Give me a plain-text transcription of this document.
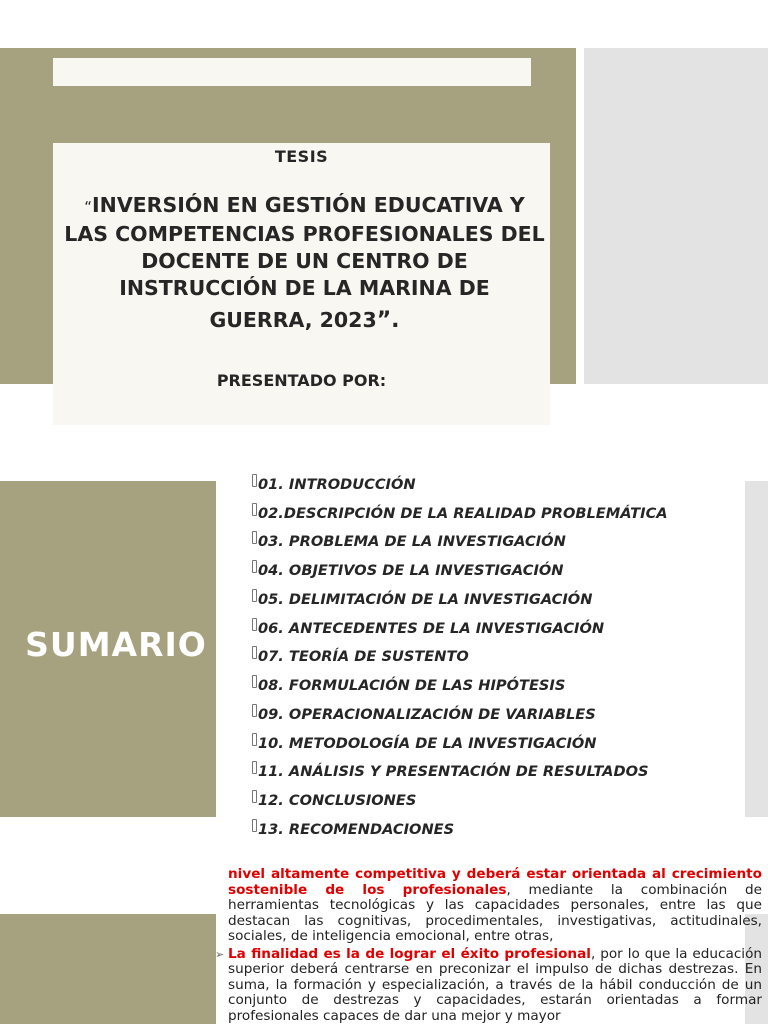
TESIS
“INVERSIÓN EN GESTIÓN EDUCATIVA Y LAS COMPETENCIAS PROFESIONALES DEL DOCENTE DE UN CENTRO DE INSTRUCCIÓN DE LA MARINA DE
GUERRA, 2023”.
PRESENTADO POR:
SUMARIO
01. INTRODUCCIÓN
02.DESCRIPCIÓN DE LA REALIDAD PROBLEMÁTICA
03. PROBLEMA DE LA INVESTIGACIÓN
04. OBJETIVOS DE LA INVESTIGACIÓN
05. DELIMITACIÓN DE LA INVESTIGACIÓN
06. ANTECEDENTES DE LA INVESTIGACIÓN
07. TEORÍA DE SUSTENTO
08. FORMULACIÓN DE LAS HIPÓTESIS
09. OPERACIONALIZACIÓN DE VARIABLES
10. METODOLOGÍA DE LA INVESTIGACIÓN
11. ANÁLISIS Y PRESENTACIÓN DE RESULTADOS
12. CONCLUSIONES
13. RECOMENDACIONES

nivel altamente competitiva y deberá estar orientada al crecimiento sostenible de los profesionales, mediante la combinación de herramientas tecnológicas y las capacidades personales, entre las que destacan las cognitivas, procedimentales, investigativas, actitudinales, sociales, de inteligencia emocional, entre otras,

➢ La finalidad es la de lograr el éxito profesional, por lo que la educación superior deberá centrarse en preconizar el impulso de dichas destrezas. En suma, la formación y especialización, a través de la hábil conducción de un conjunto de destrezas y capacidades, estarán orientadas a formar profesionales capaces de dar una mejor y mayor
